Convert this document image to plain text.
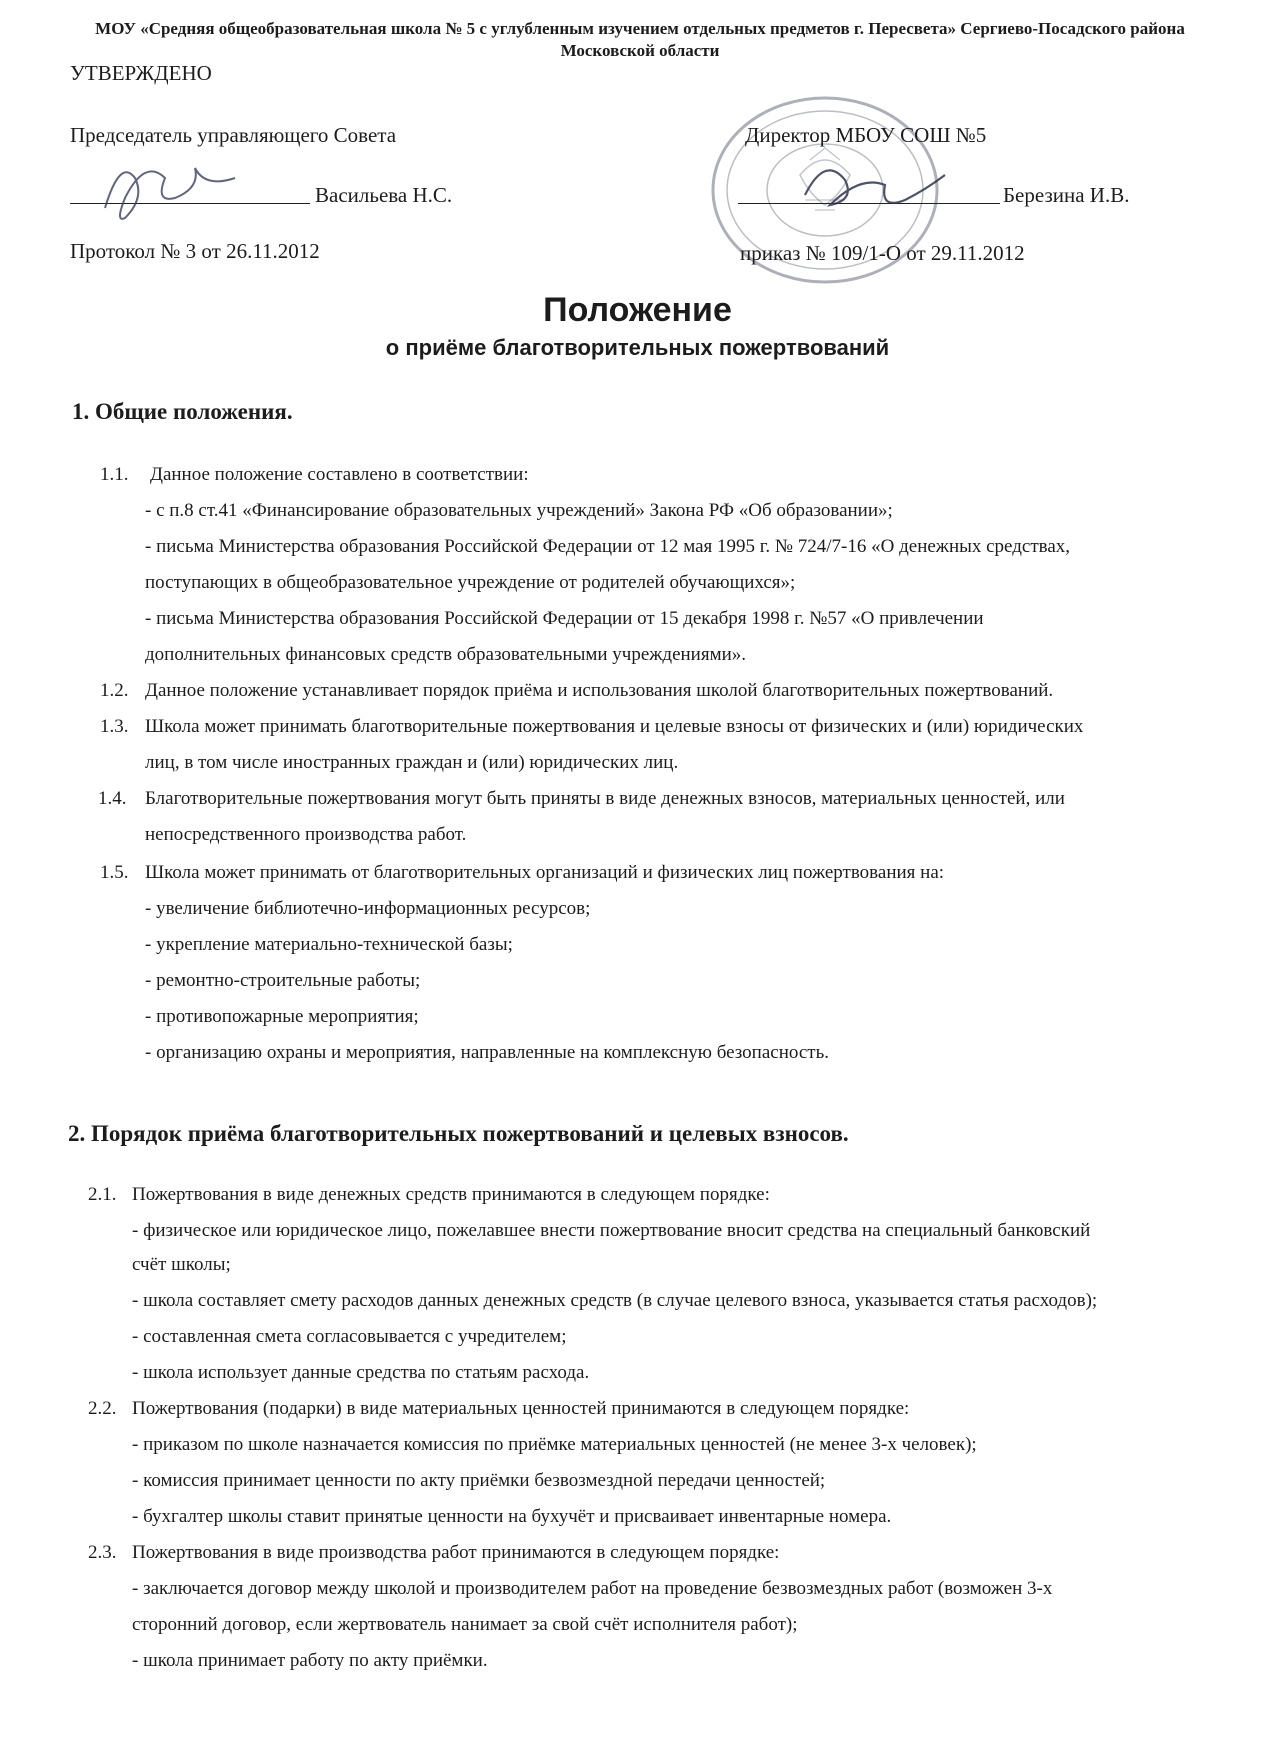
МОУ «Средняя общеобразовательная школа № 5 с углубленным изучением отдельных предметов г. Пересвета» Сергиево-Посадского района Московской области
УТВЕРЖДЕНО
Председатель управляющего Совета
Васильева Н.С.
Протокол № 3 от 26.11.2012
Директор МБОУ СОШ №5
Березина И.В.
приказ № 109/1-О от 29.11.2012
Положение
о приёме благотворительных пожертвований
1. Общие положения.
1.1. Данное положение составлено в соответствии:
- с п.8 ст.41 «Финансирование образовательных учреждений» Закона РФ «Об образовании»;
- письма Министерства образования Российской Федерации от 12 мая 1995 г. № 724/7-16 «О денежных средствах,
поступающих в общеобразовательное учреждение от родителей обучающихся»;
- письма Министерства образования Российской Федерации от 15 декабря 1998 г. №57 «О привлечении
дополнительных финансовых средств образовательными учреждениями».
1.2. Данное положение устанавливает порядок приёма и использования школой благотворительных пожертвований.
1.3. Школа может принимать благотворительные пожертвования и целевые взносы от физических и (или) юридических
лиц, в том числе иностранных граждан и (или) юридических лиц.
1.4. Благотворительные пожертвования могут быть приняты в виде денежных взносов, материальных ценностей, или
непосредственного производства работ.
1.5. Школа может принимать от благотворительных организаций и физических лиц пожертвования на:
- увеличение библиотечно-информационных ресурсов;
- укрепление материально-технической базы;
- ремонтно-строительные работы;
- противопожарные мероприятия;
- организацию охраны и мероприятия, направленные на комплексную безопасность.
2. Порядок приёма благотворительных пожертвований и целевых взносов.
2.1. Пожертвования в виде денежных средств принимаются в следующем порядке:
- физическое или юридическое лицо, пожелавшее внести пожертвование вносит средства на специальный банковский
счёт школы;
- школа составляет смету расходов данных денежных средств (в случае целевого взноса, указывается статья расходов);
- составленная смета согласовывается с учредителем;
- школа использует данные средства по статьям расхода.
2.2. Пожертвования (подарки) в виде материальных ценностей принимаются в следующем порядке:
- приказом по школе назначается комиссия по приёмке материальных ценностей (не менее 3-х человек);
- комиссия принимает ценности по акту приёмки безвозмездной передачи ценностей;
- бухгалтер школы ставит принятые ценности на бухучёт и присваивает инвентарные номера.
2.3. Пожертвования в виде производства работ принимаются в следующем порядке:
- заключается договор между школой и производителем работ на проведение безвозмездных работ (возможен 3-х
сторонний договор, если жертвователь нанимает за свой счёт исполнителя работ);
- школа принимает работу по акту приёмки.
